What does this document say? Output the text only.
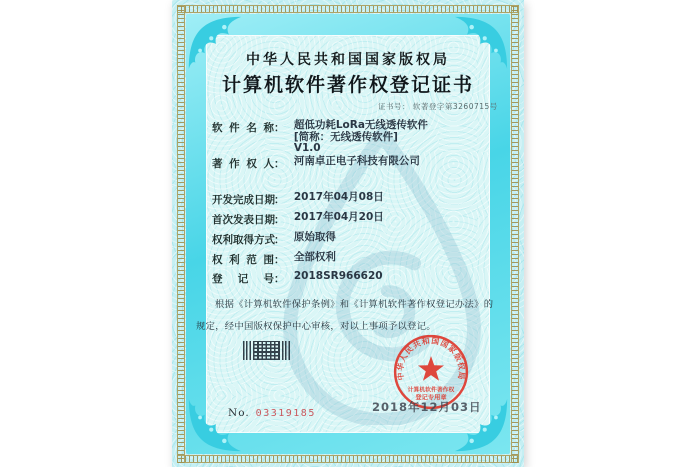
中华人民共和国国家版权局
计算机软件著作权登记证书
证书号： 软著登字第3260715号
软件名称： 超低功耗LoRa无线透传软件
[简称：无线透传软件]
V1.0
著作权人： 河南卓正电子科技有限公司
开发完成日期： 2017年04月08日
首次发表日期： 2017年04月20日
权利取得方式： 原始取得
权利范围： 全部权利
登记号： 2018SR966620
根据《计算机软件保护条例》和《计算机软件著作权登记办法》的
规定，经中国版权保护中心审核，对以上事项予以登记。
中华人民共和国国家版权局
计算机软件著作权
登记专用章
2018年12月03日
No. 03319185
